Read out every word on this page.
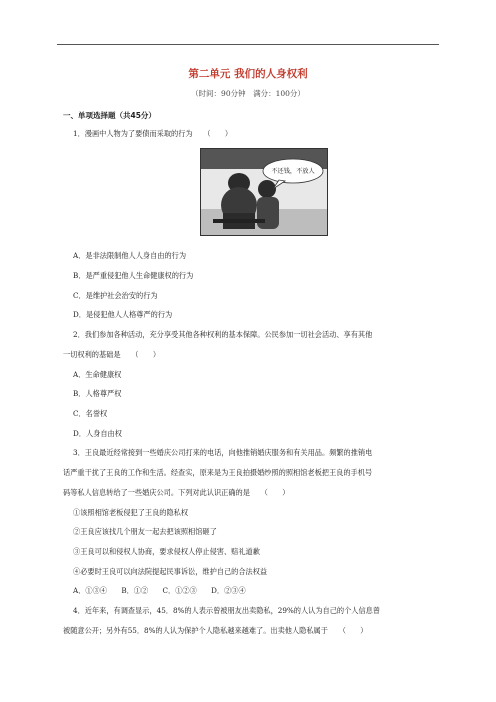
第二单元 我们的人身权利
（时间：90分钟　满分：100分）
一、单项选择题（共45分）
1．漫画中人物为了要债而采取的行为　　（　　）
不还钱，不放人
A．是非法限制他人人身自由的行为
B．是严重侵犯他人生命健康权的行为
C．是维护社会治安的行为
D．是侵犯他人人格尊严的行为
2．我们参加各种活动，充分享受其他各种权利的基本保障。公民参加一切社会活动、享有其他
一切权利的基础是　　（　　）
A．生命健康权
B．人格尊严权
C．名誉权
D．人身自由权
3．王良最近经常接到一些婚庆公司打来的电话，向他推销婚庆服务和有关用品。频繁的推销电
话严重干扰了王良的工作和生活。经查实，原来是为王良拍摄婚纱照的照相馆老板把王良的手机号
码等私人信息转给了一些婚庆公司。下列对此认识正确的是　　（　　）
①该照相馆老板侵犯了王良的隐私权
②王良应该找几个朋友一起去把该照相馆砸了
③王良可以和侵权人协商，要求侵权人停止侵害、赔礼道歉
④必要时王良可以向法院提起民事诉讼，维护自己的合法权益
A．①③④　　B．①②　　C．①②③　　D．②③④
4．近年来，有调查显示，45．8%的人表示曾被朋友出卖隐私，29%的人认为自己的个人信息曾
被随意公开；另外有55．8%的人认为保护个人隐私越来越难了。出卖他人隐私属于　　（　　）
